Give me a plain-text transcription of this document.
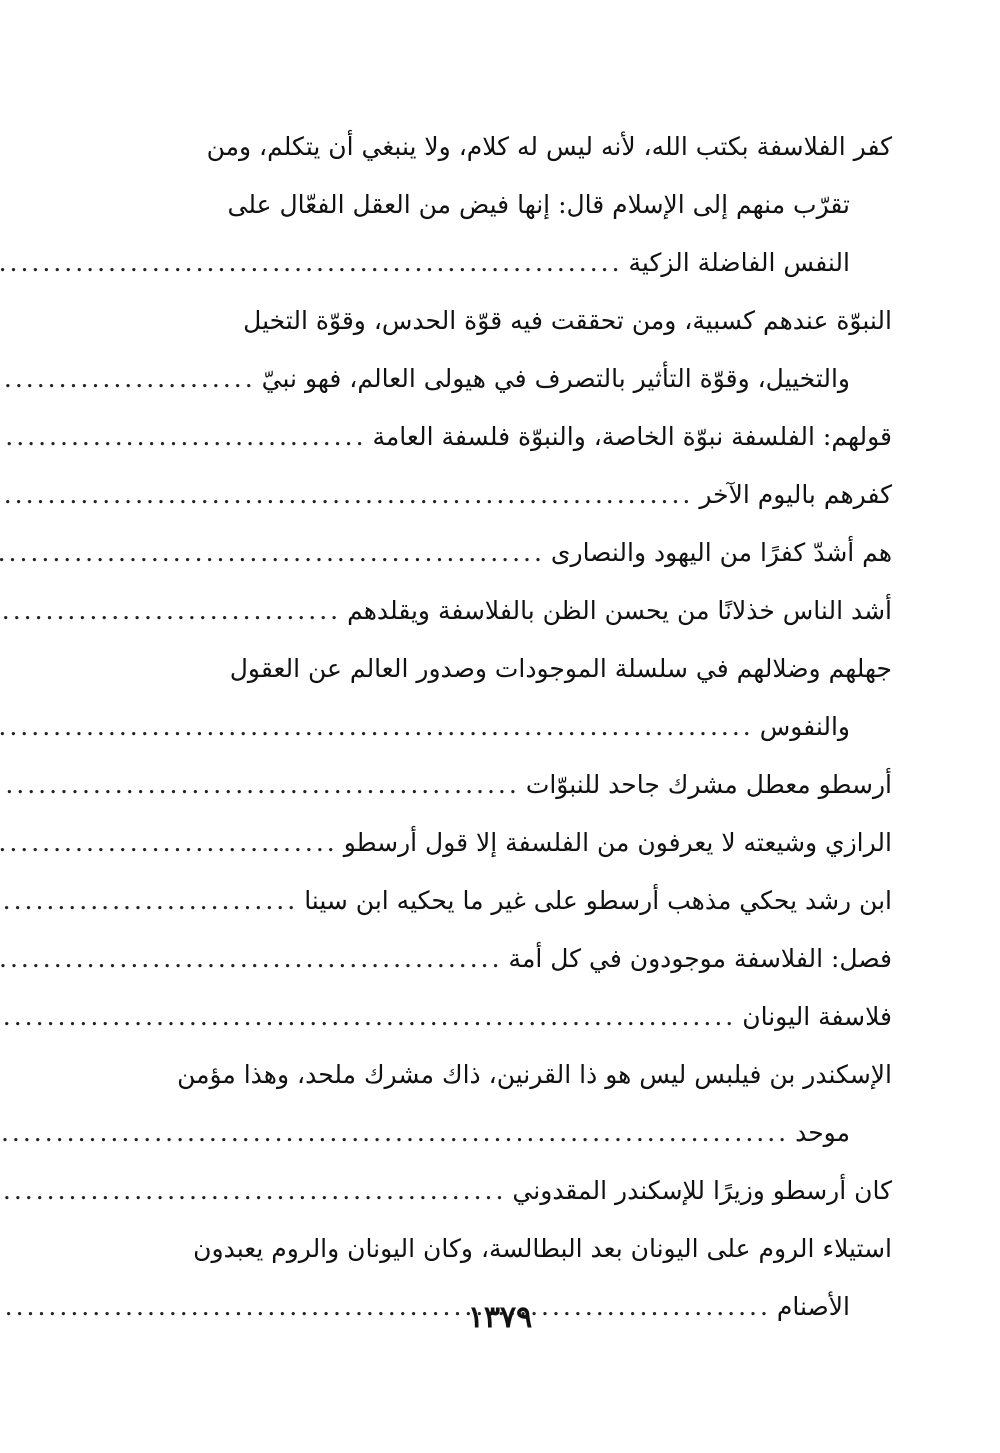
كفر الفلاسفة بكتب الله، لأنه ليس له كلام، ولا ينبغي أن يتكلم، ومن
تقرّب منهم إلى الإسلام قال: إنها فيض من العقل الفعّال على
النفس الفاضلة الزكية
.....
النبوّة عندهم كسبية، ومن تحققت فيه قوّة الحدس، وقوّة التخيل
والتخييل، وقوّة التأثير بالتصرف في هيولى العالم، فهو نبيّ
.....
قولهم: الفلسفة نبوّة الخاصة، والنبوّة فلسفة العامة
.....
كفرهم باليوم الآخر
.....
هم أشدّ كفرًا من اليهود والنصارى
.....
أشد الناس خذلانًا من يحسن الظن بالفلاسفة ويقلدهم
.....
جهلهم وضلالهم في سلسلة الموجودات وصدور العالم عن العقول
والنفوس
.....
أرسطو معطل مشرك جاحد للنبوّات
.....
الرازي وشيعته لا يعرفون من الفلسفة إلا قول أرسطو
.....
ابن رشد يحكي مذهب أرسطو على غير ما يحكيه ابن سينا
.....
فصل: الفلاسفة موجودون في كل أمة
.....
فلاسفة اليونان
.....
الإسكندر بن فيلبس ليس هو ذا القرنين، ذاك مشرك ملحد، وهذا مؤمن
موحد
.....
كان أرسطو وزيرًا للإسكندر المقدوني
.....
استيلاء الروم على اليونان بعد البطالسة، وكان اليونان والروم يعبدون
الأصنام
.....
١٣٧٩
